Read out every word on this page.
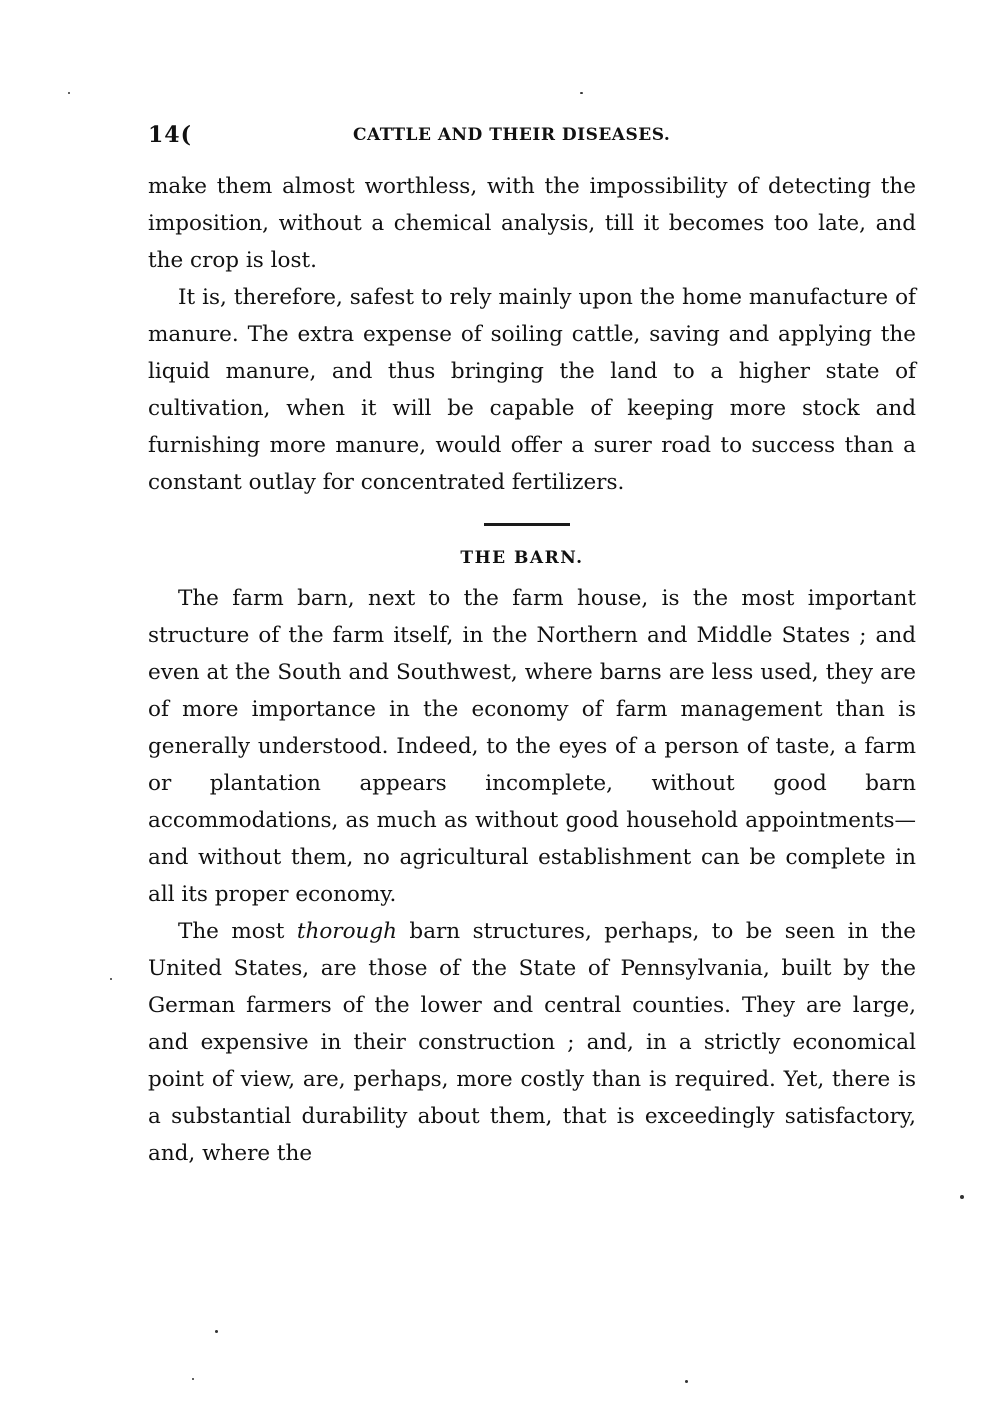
14(	CATTLE AND THEIR DISEASES.

make them almost worthless, with the impossibility of detecting the imposition, without a chemical analysis, till it becomes too late, and the crop is lost.

It is, therefore, safest to rely mainly upon the home manufacture of manure. The extra expense of soiling cattle, saving and applying the liquid manure, and thus bringing the land to a higher state of cultivation, when it will be capable of keeping more stock and furnishing more manure, would offer a surer road to success than a constant outlay for concentrated fertilizers.

THE BARN.

The farm barn, next to the farm house, is the most important structure of the farm itself, in the Northern and Middle States ; and even at the South and Southwest, where barns are less used, they are of more importance in the economy of farm management than is generally understood. Indeed, to the eyes of a person of taste, a farm or plantation appears incomplete, without good barn accommodations, as much as without good household appointments—and without them, no agricultural establishment can be complete in all its proper economy.

The most thorough barn structures, perhaps, to be seen in the United States, are those of the State of Pennsylvania, built by the German farmers of the lower and central counties. They are large, and expensive in their construction ; and, in a strictly economical point of view, are, perhaps, more costly than is required. Yet, there is a substantial durability about them, that is exceedingly satisfactory, and, where the
